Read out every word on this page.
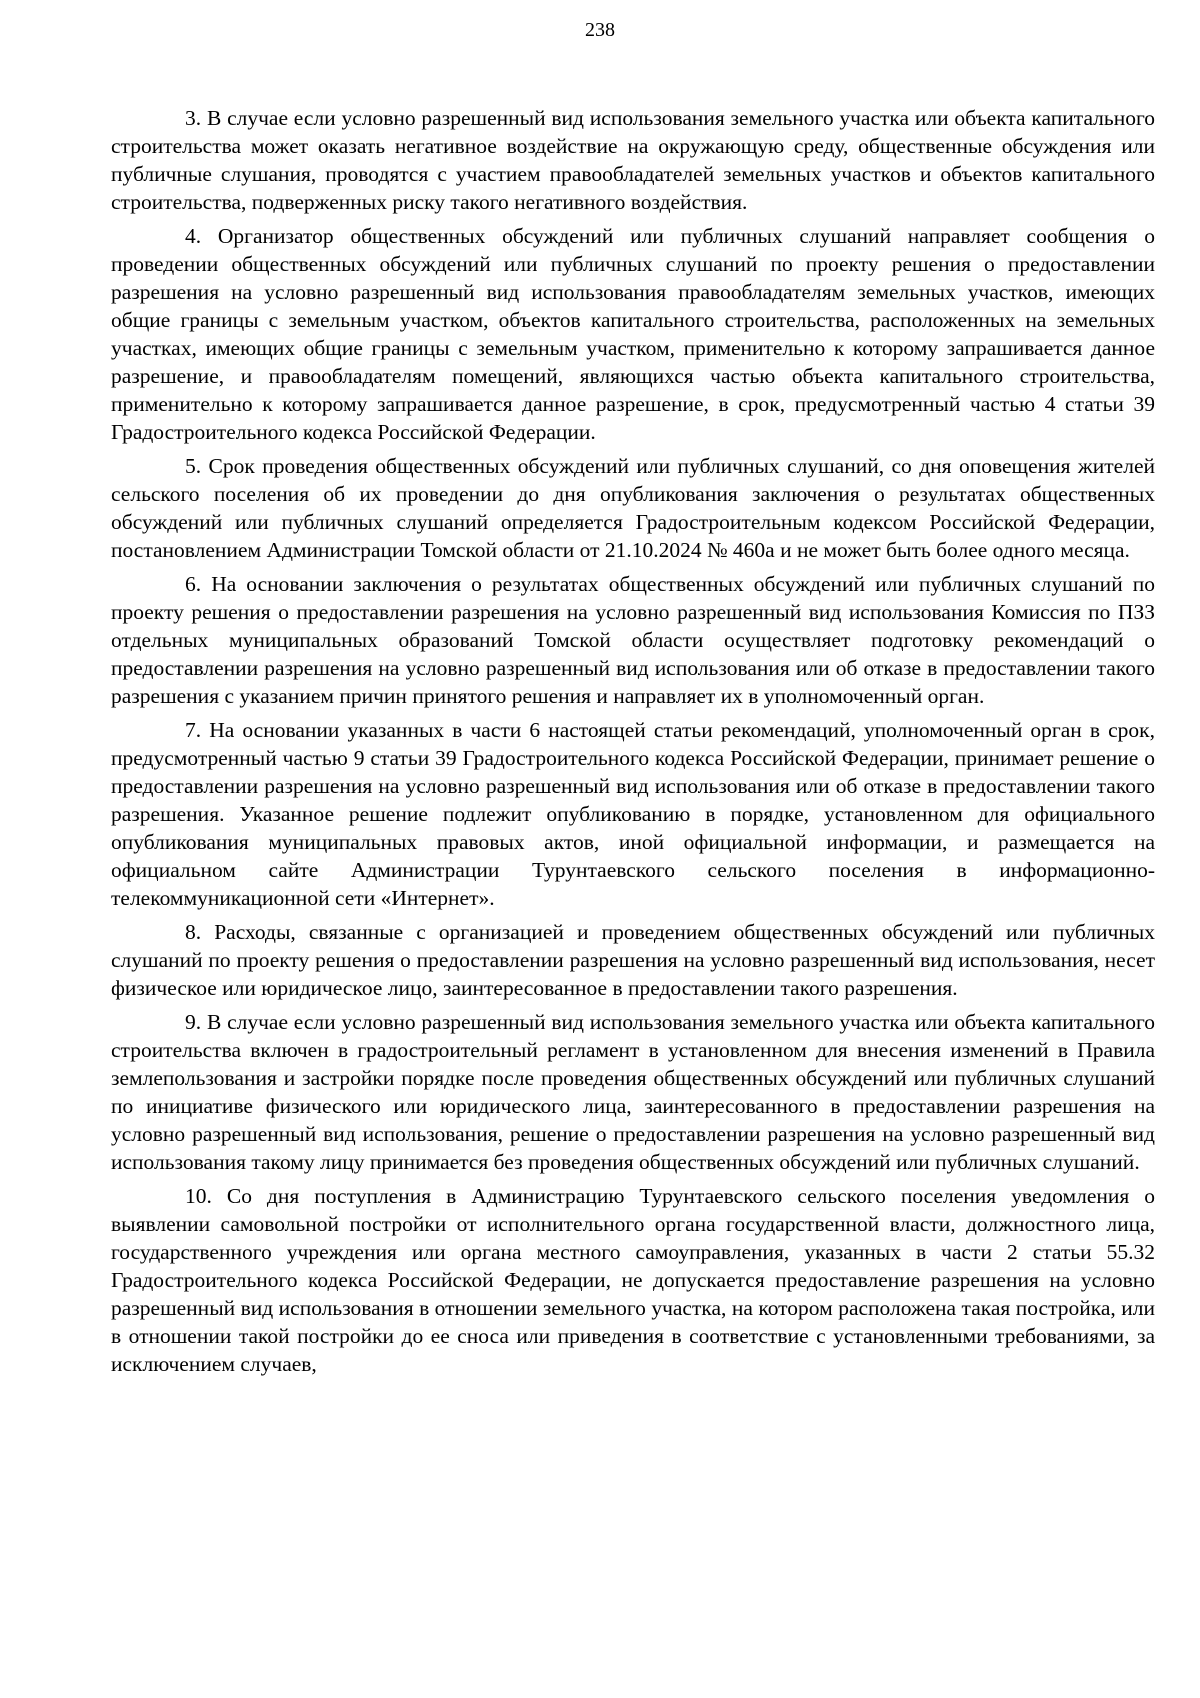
238

3. В случае если условно разрешенный вид использования земельного участка или объекта капитального строительства может оказать негативное воздействие на окружающую среду, общественные обсуждения или публичные слушания, проводятся с участием правообладателей земельных участков и объектов капитального строительства, подверженных риску такого негативного воздействия.

4. Организатор общественных обсуждений или публичных слушаний направляет сообщения о проведении общественных обсуждений или публичных слушаний по проекту решения о предоставлении разрешения на условно разрешенный вид использования правообладателям земельных участков, имеющих общие границы с земельным участком, объектов капитального строительства, расположенных на земельных участках, имеющих общие границы с земельным участком, применительно к которому запрашивается данное разрешение, и правообладателям помещений, являющихся частью объекта капитального строительства, применительно к которому запрашивается данное разрешение, в срок, предусмотренный частью 4 статьи 39 Градостроительного кодекса Российской Федерации.

5. Срок проведения общественных обсуждений или публичных слушаний, со дня оповещения жителей сельского поселения об их проведении до дня опубликования заключения о результатах общественных обсуждений или публичных слушаний определяется Градостроительным кодексом Российской Федерации, постановлением Администрации Томской области от 21.10.2024 № 460а и не может быть более одного месяца.

6. На основании заключения о результатах общественных обсуждений или публичных слушаний по проекту решения о предоставлении разрешения на условно разрешенный вид использования Комиссия по ПЗЗ отдельных муниципальных образований Томской области осуществляет подготовку рекомендаций о предоставлении разрешения на условно разрешенный вид использования или об отказе в предоставлении такого разрешения с указанием причин принятого решения и направляет их в уполномоченный орган.

7. На основании указанных в части 6 настоящей статьи рекомендаций, уполномоченный орган в срок, предусмотренный частью 9 статьи 39 Градостроительного кодекса Российской Федерации, принимает решение о предоставлении разрешения на условно разрешенный вид использования или об отказе в предоставлении такого разрешения. Указанное решение подлежит опубликованию в порядке, установленном для официального опубликования муниципальных правовых актов, иной официальной информации, и размещается на официальном сайте Администрации Турунтаевского сельского поселения в информационно-телекоммуникационной сети «Интернет».

8. Расходы, связанные с организацией и проведением общественных обсуждений или публичных слушаний по проекту решения о предоставлении разрешения на условно разрешенный вид использования, несет физическое или юридическое лицо, заинтересованное в предоставлении такого разрешения.

9. В случае если условно разрешенный вид использования земельного участка или объекта капитального строительства включен в градостроительный регламент в установленном для внесения изменений в Правила землепользования и застройки порядке после проведения общественных обсуждений или публичных слушаний по инициативе физического или юридического лица, заинтересованного в предоставлении разрешения на условно разрешенный вид использования, решение о предоставлении разрешения на условно разрешенный вид использования такому лицу принимается без проведения общественных обсуждений или публичных слушаний.

10. Со дня поступления в Администрацию Турунтаевского сельского поселения уведомления о выявлении самовольной постройки от исполнительного органа государственной власти, должностного лица, государственного учреждения или органа местного самоуправления, указанных в части 2 статьи 55.32 Градостроительного кодекса Российской Федерации, не допускается предоставление разрешения на условно разрешенный вид использования в отношении земельного участка, на котором расположена такая постройка, или в отношении такой постройки до ее сноса или приведения в соответствие с установленными требованиями, за исключением случаев,
